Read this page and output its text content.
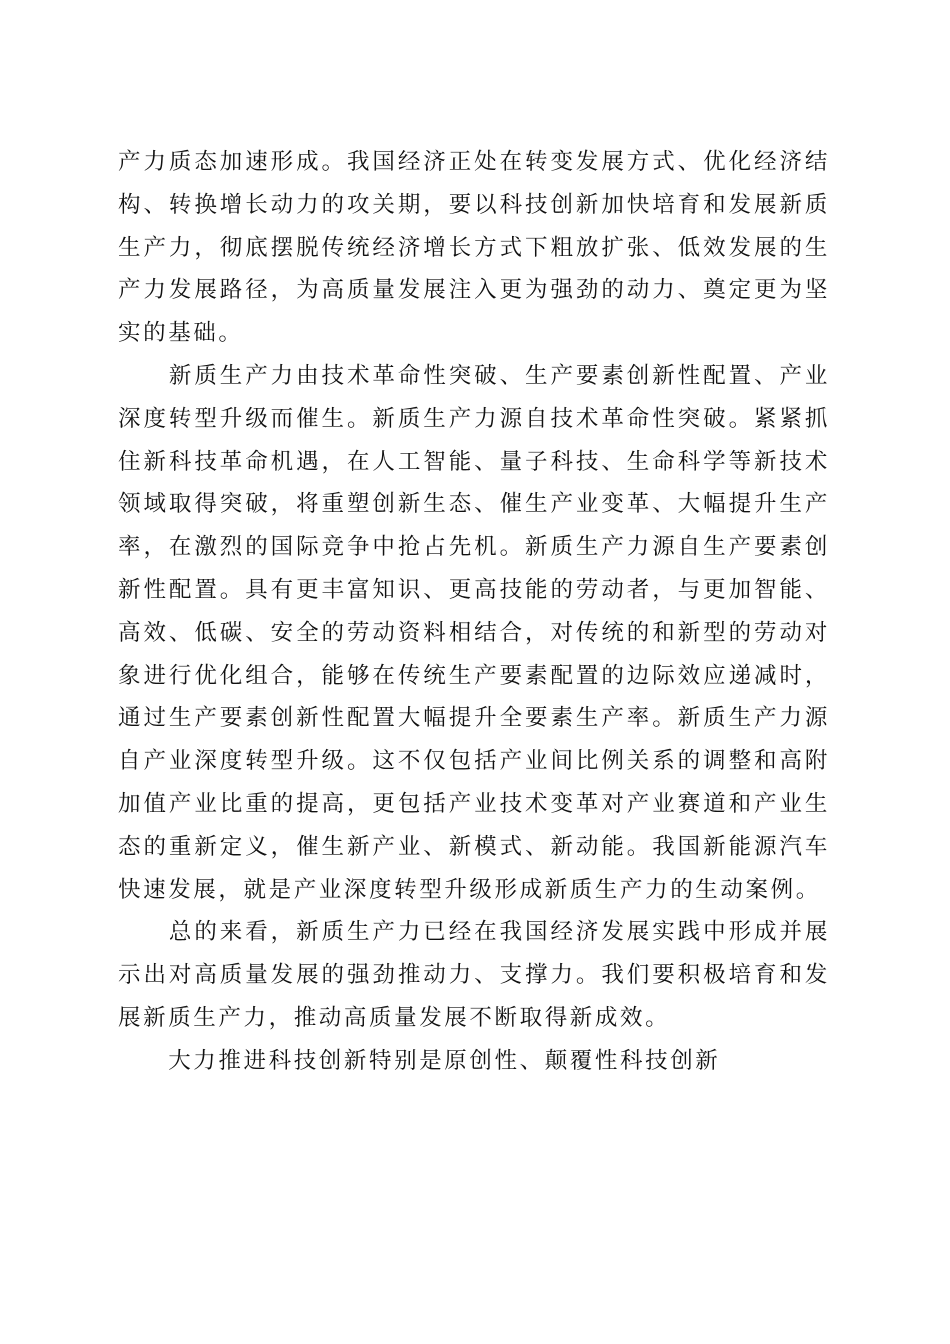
产力质态加速形成。我国经济正处在转变发展方式、优化经济结构、转换增长动力的攻关期，要以科技创新加快培育和发展新质生产力，彻底摆脱传统经济增长方式下粗放扩张、低效发展的生产力发展路径，为高质量发展注入更为强劲的动力、奠定更为坚实的基础。

　　新质生产力由技术革命性突破、生产要素创新性配置、产业深度转型升级而催生。新质生产力源自技术革命性突破。紧紧抓住新科技革命机遇，在人工智能、量子科技、生命科学等新技术领域取得突破，将重塑创新生态、催生产业变革、大幅提升生产率，在激烈的国际竞争中抢占先机。新质生产力源自生产要素创新性配置。具有更丰富知识、更高技能的劳动者，与更加智能、高效、低碳、安全的劳动资料相结合，对传统的和新型的劳动对象进行优化组合，能够在传统生产要素配置的边际效应递减时，通过生产要素创新性配置大幅提升全要素生产率。新质生产力源自产业深度转型升级。这不仅包括产业间比例关系的调整和高附加值产业比重的提高，更包括产业技术变革对产业赛道和产业生态的重新定义，催生新产业、新模式、新动能。我国新能源汽车快速发展，就是产业深度转型升级形成新质生产力的生动案例。

　　总的来看，新质生产力已经在我国经济发展实践中形成并展示出对高质量发展的强劲推动力、支撑力。我们要积极培育和发展新质生产力，推动高质量发展不断取得新成效。

　　大力推进科技创新特别是原创性、颠覆性科技创新
